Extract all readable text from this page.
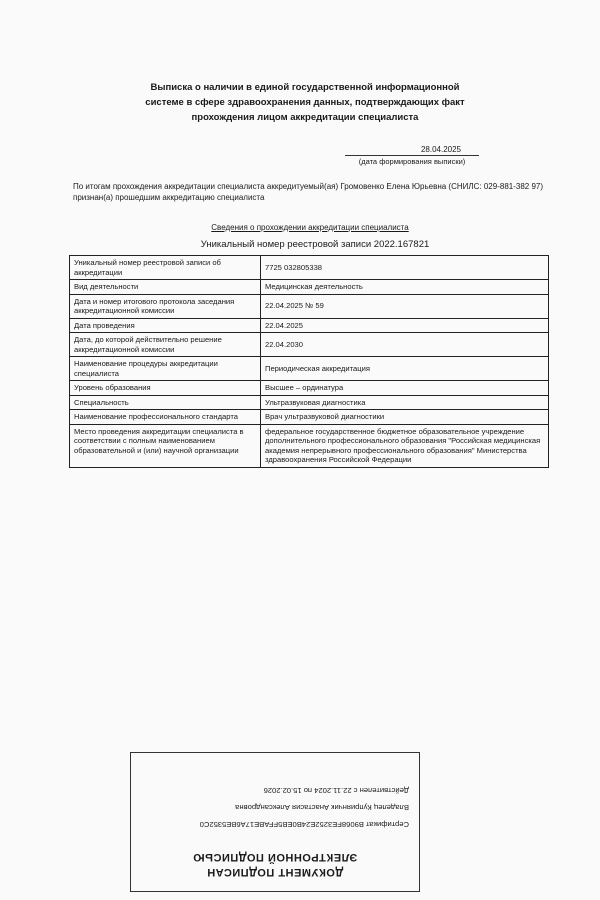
Выписка о наличии в единой государственной информационной
системе в сфере здравоохранения данных, подтверждающих факт
прохождения лицом аккредитации специалиста
28.04.2025
(дата формирования выписки)
По итогам прохождения аккредитации специалиста аккредитуемый(ая) Громовенко Елена Юрьевна (СНИЛС: 029-881-382 97) признан(а) прошедшим аккредитацию специалиста
Сведения о прохождении аккредитации специалиста
Уникальный номер реестровой записи 2022.167821
Уникальный номер реестровой записи об аккредитации	7725 032805338
Вид деятельности	Медицинская деятельность
Дата и номер итогового протокола заседания аккредитационной комиссии	22.04.2025 № 59
Дата проведения	22.04.2025
Дата, до которой действительно решение аккредитационной комиссии	22.04.2030
Наименование процедуры аккредитации специалиста	Периодическая аккредитация
Уровень образования	Высшее – ординатура
Специальность	Ультразвуковая диагностика
Наименование профессионального стандарта	Врач ультразвуковой диагностики
Место проведения аккредитации специалиста в соответствии с полным наименованием образовательной и (или) научной организации	федеральное государственное бюджетное образовательное учреждение дополнительного профессионального образования "Российская медицинская академия непрерывного профессионального образования" Министерства здравоохранения Российской Федерации
ДОКУМЕНТ ПОДПИСАН
ЭЛЕКТРОННОЙ ПОДПИСЬЮ
Сертификат B9068FE3252E24B0EB5FFABE17A6BE5352C0
Владелец Куприянчик Анастасия Александровна
Действителен с 22.11.2024 по 15.02.2026
